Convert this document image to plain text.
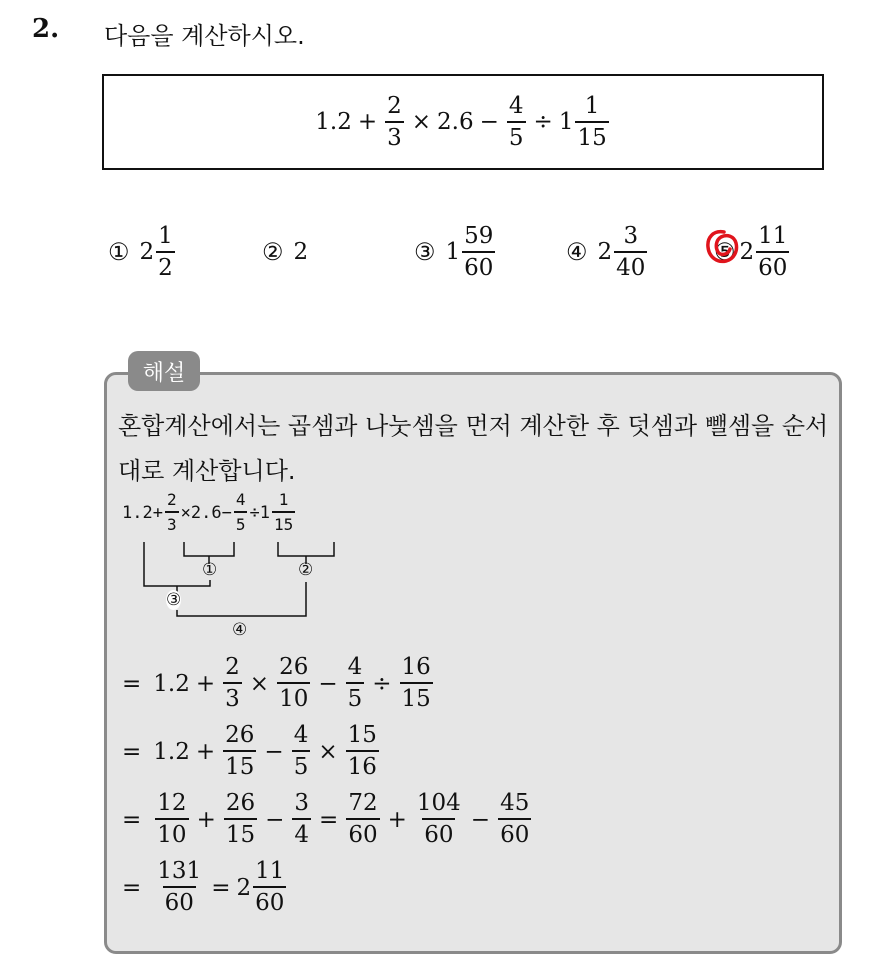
2. 다음을 계산하시오.
$1.2 + \frac{2}{3} \times 2.6 - \frac{4}{5} \div 1 \frac{1}{15}$
① $2 \frac{1}{2}$	② 2	③ $1 \frac{59}{60}$	④ $2 \frac{3}{40}$	⑤ $2 \frac{11}{60}$
해설
혼합계산에서는 곱셈과 나눗셈을 먼저 계산한 후 덧셈과 뺄셈을 순서대로 계산합니다.
$1.2 + \frac{2}{3} \times 2.6 - \frac{4}{5} \div 1 \frac{1}{15}$
①	②
③
④
= $1.2 + \frac{2}{3} \times \frac{26}{10} - \frac{4}{5} \div \frac{16}{15}$
= $1.2 + \frac{26}{15} - \frac{4}{5} \times \frac{15}{16}$
= $\frac{12}{10} + \frac{26}{15} - \frac{3}{4} = \frac{72}{60} + \frac{104}{60} - \frac{45}{60}$
= $\frac{131}{60} = 2 \frac{11}{60}$
